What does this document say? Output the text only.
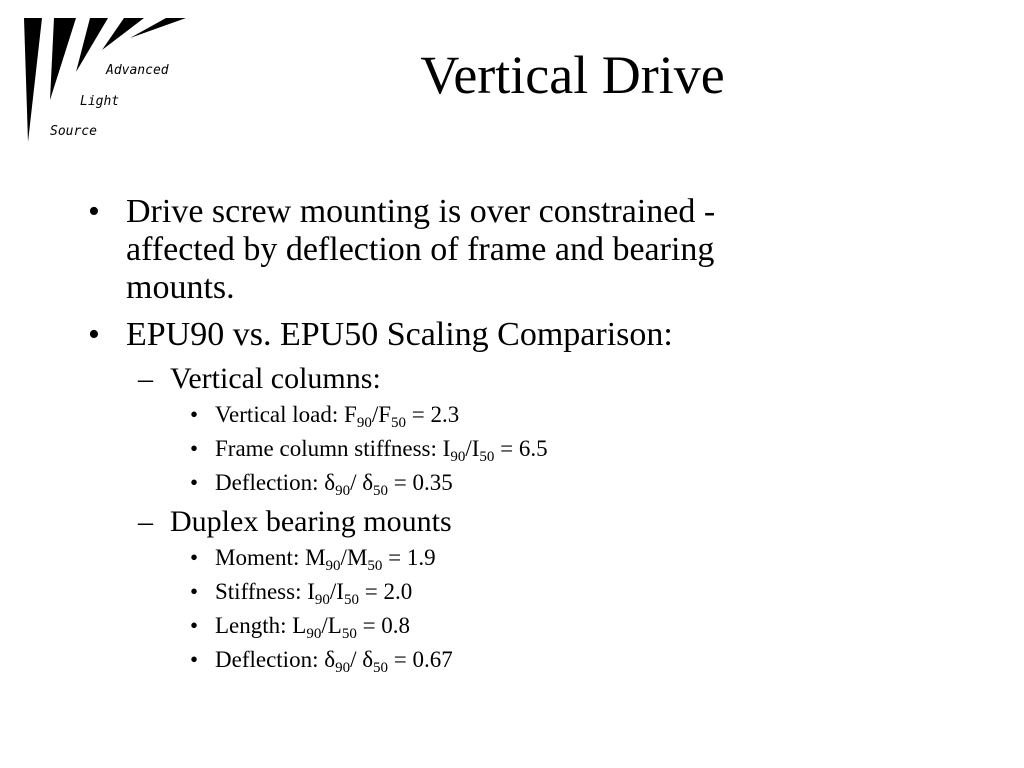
Advanced
Light
Source
Vertical Drive
• Drive screw mounting is over constrained - affected by deflection of frame and bearing mounts.
• EPU90 vs. EPU50 Scaling Comparison:
– Vertical columns:
• Vertical load: $F_{90}/F_{50} = 2.3$
• Frame column stiffness: $I_{90}/I_{50} = 6.5$
• Deflection: $\delta_{90}/$ $\delta_{50} = 0.35$
– Duplex bearing mounts
• Moment: $M_{90}/M_{50} = 1.9$
• Stiffness: $I_{90}/I_{50} = 2.0$
• Length: $L_{90}/L_{50} = 0.8$
• Deflection: $\delta_{90}/$ $\delta_{50} = 0.67$
